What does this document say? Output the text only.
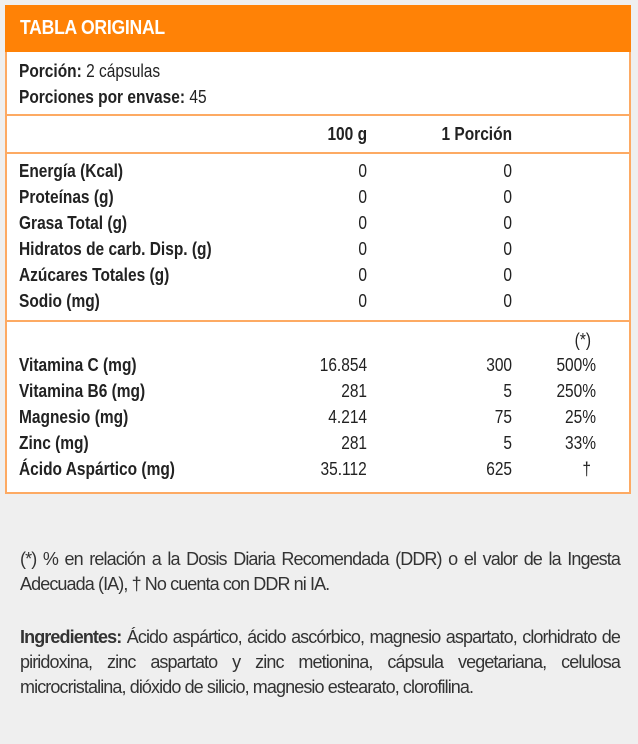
TABLA ORIGINAL
Porción: 2 cápsulas
Porciones por envase: 45
100 g	1 Porción
Energía (Kcal)	0	0
Proteínas (g)	0	0
Grasa Total (g)	0	0
Hidratos de carb. Disp. (g)	0	0
Azúcares Totales (g)	0	0
Sodio (mg)	0	0
(*)
Vitamina C (mg)	16.854	300 500%
Vitamina B6 (mg)	281	5 250%
Magnesio (mg)	4.214	75	25%
Zinc (mg)	281	5	33%
Ácido Aspártico (mg)	35.112	625	†
(*) % en relación a la Dosis Diaria Recomendada (DDR) o el valor de la Ingesta Adecuada (IA), † No cuenta con DDR ni IA.
Ingredientes: Ácido aspártico, ácido ascórbico, magnesio aspartato, clorhidrato de piridoxina, zinc aspartato y zinc metionina, cápsula vegetariana, celulosa microcristalina, dióxido de silicio, magnesio estearato, clorofilina.
